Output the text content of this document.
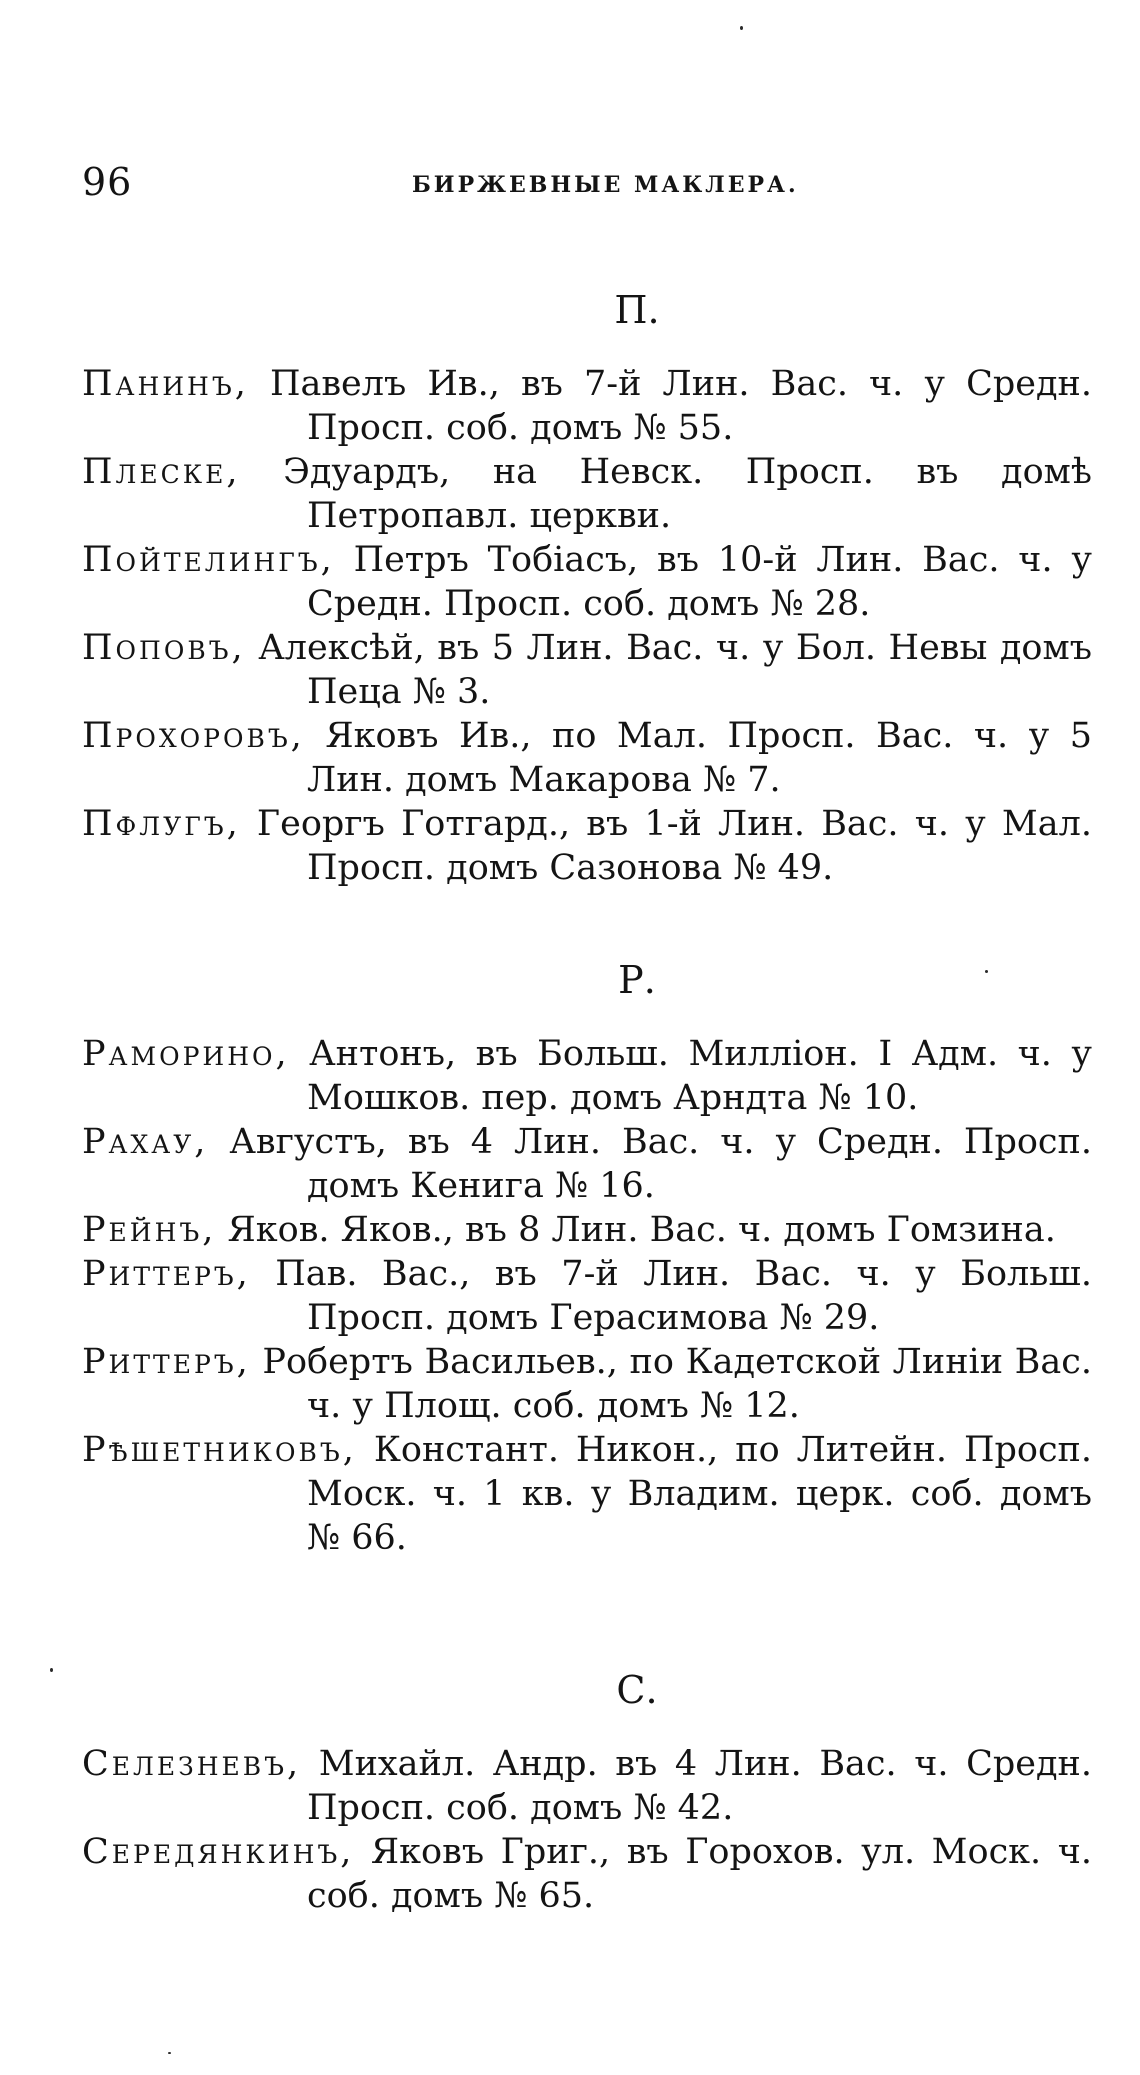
96	БИРЖЕВНЫЕ МАКЛЕРА.
П.
Панинъ, Павелъ Ив., въ 7-й Лин. Вас. ч. у Средн. Просп. соб. домъ № 55.
Плеске, Эдуардъ, на Невск. Просп. въ домѣ Петропавл. церкви.
Пойтелингъ, Петръ Тобіасъ, въ 10-й Лин. Вас. ч. у Средн. Просп. соб. домъ № 28.
Поповъ, Алексѣй, въ 5 Лин. Вас. ч. у Бол. Невы домъ Пеца № 3.
Прохоровъ, Яковъ Ив., по Мал. Просп. Вас. ч. у 5 Лин. домъ Макарова № 7.
Пфлугъ, Георгъ Готгард., въ 1-й Лин. Вас. ч. у Мал. Просп. домъ Сазонова № 49.
Р.
Раморино, Антонъ, въ Больш. Милліон. I Адм. ч. у Мошков. пер. домъ Арндта № 10.
Рахау, Августъ, въ 4 Лин. Вас. ч. у Средн. Просп. домъ Кенига № 16.
Рейнъ, Яков. Яков., въ 8 Лин. Вас. ч. домъ Гомзина.
Риттеръ, Пав. Вас., въ 7-й Лин. Вас. ч. у Больш. Просп. домъ Герасимова № 29.
Риттеръ, Робертъ Васильев., по Кадетской Линіи Вас. ч. у Площ. соб. домъ № 12.
Рѣшетниковъ, Констант. Никон., по Литейн. Просп. Моск. ч. 1 кв. у Владим. церк. соб. домъ № 66.
С.
Селезневъ, Михайл. Андр. въ 4 Лин. Вас. ч. Средн. Просп. соб. домъ № 42.
Середянкинъ, Яковъ Григ., въ Горохов. ул. Моск. ч. соб. домъ № 65.
